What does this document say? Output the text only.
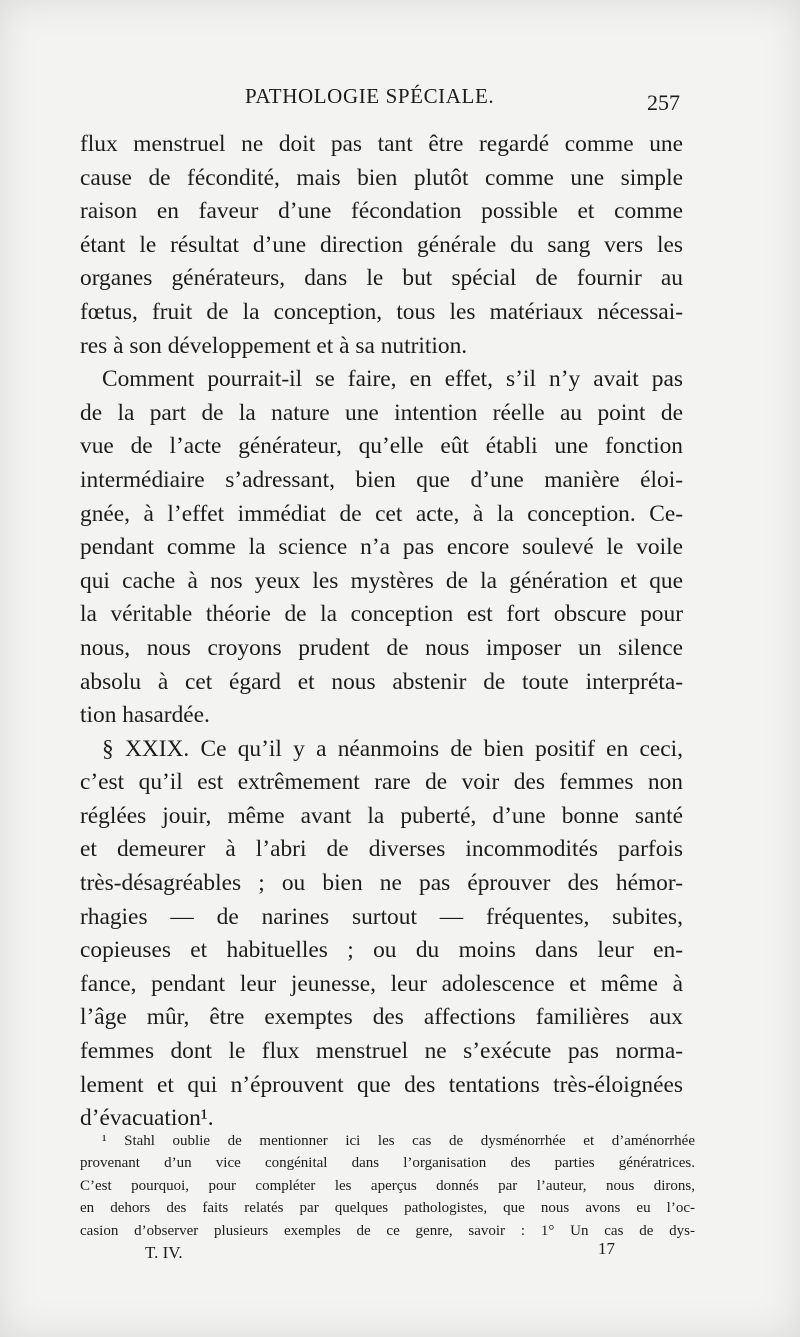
PATHOLOGIE SPÉCIALE.	257
flux menstruel ne doit pas tant être regardé comme une
cause de fécondité, mais bien plutôt comme une simple
raison en faveur d’une fécondation possible et comme
étant le résultat d’une direction générale du sang vers les
organes générateurs, dans le but spécial de fournir au
fœtus, fruit de la conception, tous les matériaux nécessai-
res à son développement et à sa nutrition.
Comment pourrait-il se faire, en effet, s’il n’y avait pas
de la part de la nature une intention réelle au point de
vue de l’acte générateur, qu’elle eût établi une fonction
intermédiaire s’adressant, bien que d’une manière éloi-
gnée, à l’effet immédiat de cet acte, à la conception. Ce-
pendant comme la science n’a pas encore soulevé le voile
qui cache à nos yeux les mystères de la génération et que
la véritable théorie de la conception est fort obscure pour
nous, nous croyons prudent de nous imposer un silence
absolu à cet égard et nous abstenir de toute interpréta-
tion hasardée.
§ XXIX. Ce qu’il y a néanmoins de bien positif en ceci,
c’est qu’il est extrêmement rare de voir des femmes non
réglées jouir, même avant la puberté, d’une bonne santé
et demeurer à l’abri de diverses incommodités parfois
très-désagréables ; ou bien ne pas éprouver des hémor-
rhagies — de narines surtout — fréquentes, subites,
copieuses et habituelles ; ou du moins dans leur en-
fance, pendant leur jeunesse, leur adolescence et même à
l’âge mûr, être exemptes des affections familières aux
femmes dont le flux menstruel ne s’exécute pas norma-
lement et qui n’éprouvent que des tentations très-éloignées
d’évacuation¹.
¹ Stahl oublie de mentionner ici les cas de dysménorrhée et d’aménorrhée
provenant d’un vice congénital dans l’organisation des parties génératrices.
C’est pourquoi, pour compléter les aperçus donnés par l’auteur, nous dirons,
en dehors des faits relatés par quelques pathologistes, que nous avons eu l’oc-
casion d’observer plusieurs exemples de ce genre, savoir : 1° Un cas de dys-
T. IV.	17
